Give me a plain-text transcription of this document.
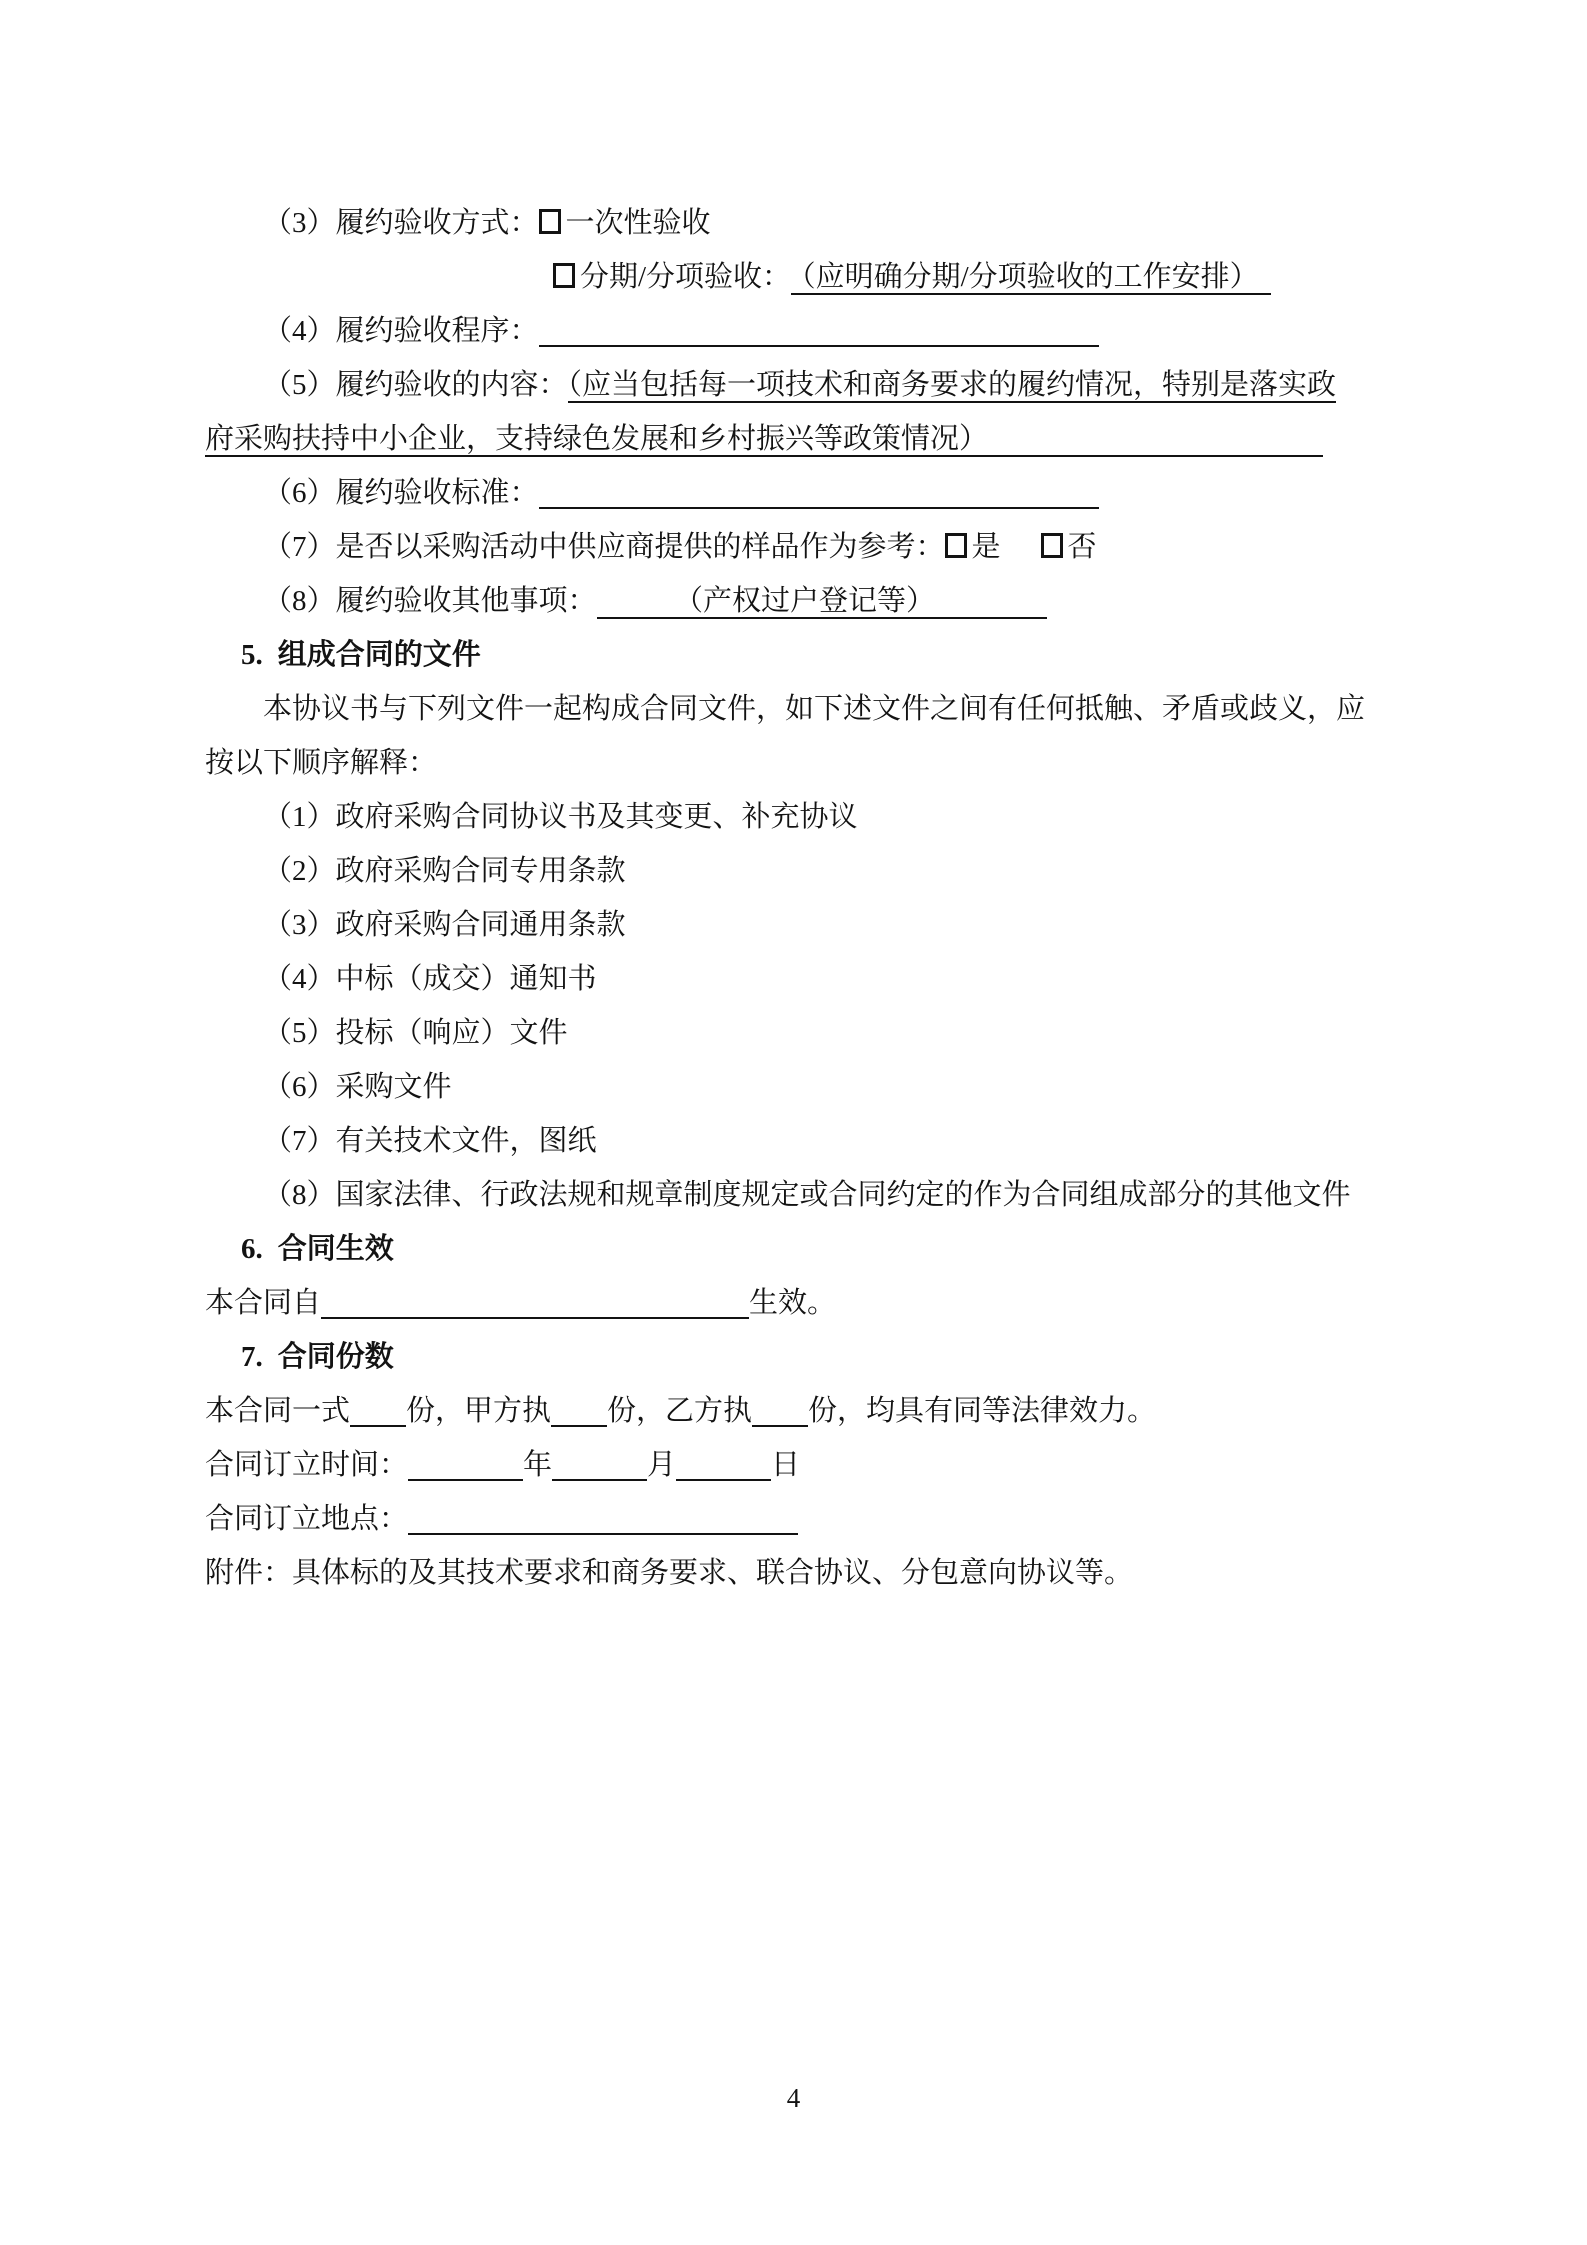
（3）履约验收方式： 一次性验收

分期/分项验收： （应明确分期/分项验收的工作安排）

（4）履约验收程序：

（5）履约验收的内容：（应当包括每一项技术和商务要求的履约情况，特别是落实政

府采购扶持中小企业，支持绿色发展和乡村振兴等政策情况）

（6）履约验收标准：

（7）是否以采购活动中供应商提供的样品作为参考： 是 否

（8）履约验收其他事项：	（产权过户登记等）

5. 组成合同的文件

本协议书与下列文件一起构成合同文件，如下述文件之间有任何抵触、矛盾或歧义，应

按以下顺序解释：

（1）政府采购合同协议书及其变更、补充协议

（2）政府采购合同专用条款

（3）政府采购合同通用条款

（4）中标（成交）通知书

（5）投标（响应）文件

（6）采购文件

（7）有关技术文件，图纸

（8）国家法律、行政法规和规章制度规定或合同约定的作为合同组成部分的其他文件

6. 合同生效

本合同自	生效。

7. 合同份数

本合同一式 份，甲方执 份，乙方执 份，均具有同等法律效力。

合同订立时间：	年	月	日

合同订立地点：

附件：具体标的及其技术要求和商务要求、联合协议、分包意向协议等。

4
